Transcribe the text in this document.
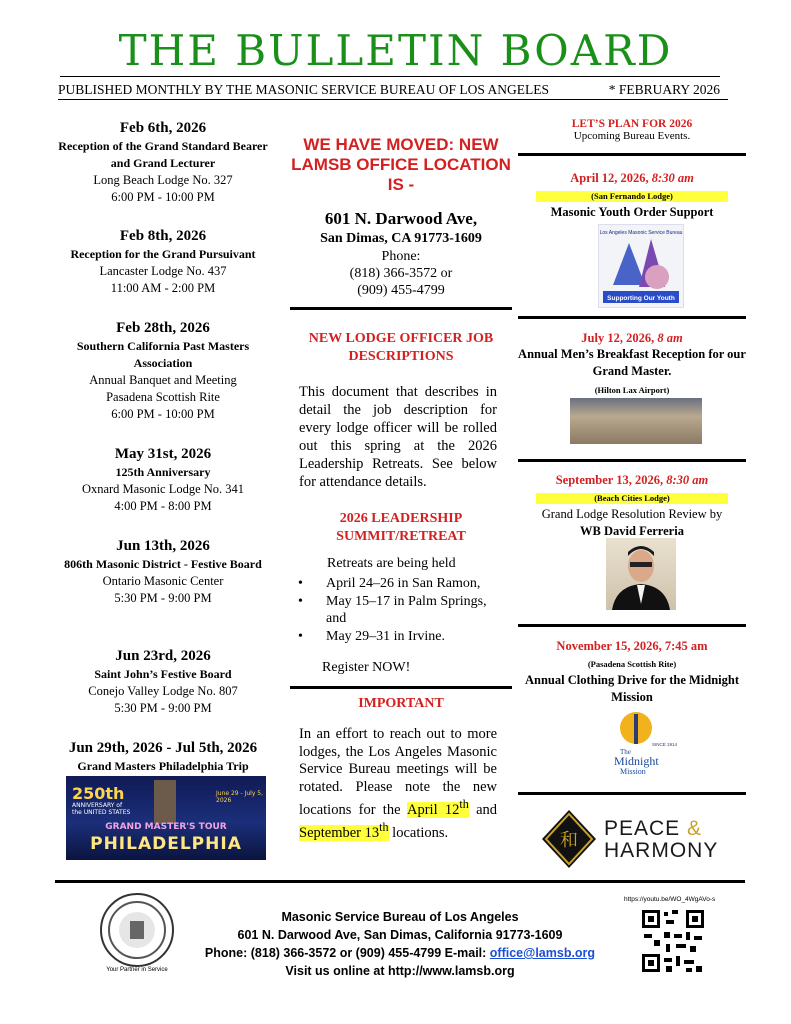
THE BULLETIN BOARD
PUBLISHED MONTHLY BY THE MASONIC SERVICE BUREAU OF LOS ANGELES	* FEBRUARY 2026
Feb 6th, 2026
Reception of the Grand Standard Bearer and Grand Lecturer
Long Beach Lodge No. 327
6:00 PM - 10:00 PM
Feb 8th, 2026
Reception for the Grand Pursuivant
Lancaster Lodge No. 437
11:00 AM - 2:00 PM
Feb 28th, 2026
Southern California Past Masters Association
Annual Banquet and Meeting
Pasadena Scottish Rite
6:00 PM - 10:00 PM
May 31st, 2026
125th Anniversary
Oxnard Masonic Lodge No. 341
4:00 PM - 8:00 PM
Jun 13th, 2026
806th Masonic District - Festive Board
Ontario Masonic Center
5:30 PM - 9:00 PM
Jun 23rd, 2026
Saint John’s Festive Board
Conejo Valley Lodge No. 807
5:30 PM - 9:00 PM
Jun 29th, 2026 - Jul 5th, 2026
Grand Masters Philadelphia Trip
250th
ANNIVERSARY of the UNITED STATES
June 29 - July 5, 2026
GRAND MASTER'S TOUR
PHILADELPHIA
WE HAVE MOVED: NEW LAMSB OFFICE LOCATION IS -
601 N. Darwood Ave,
San Dimas, CA 91773-1609
Phone:
(818) 366-3572 or
(909) 455-4799
NEW LODGE OFFICER JOB DESCRIPTIONS
This document that describes in detail the job description for every lodge officer will be rolled out this spring at the 2026 Leadership Retreats. See below for attendance details.
2026 LEADERSHIP SUMMIT/RETREAT
Retreats are being held
• April 24–26 in San Ramon,
• May 15–17 in Palm Springs, and
• May 29–31 in Irvine.
Register NOW!
IMPORTANT
In an effort to reach out to more lodges, the Los Angeles Masonic Service Bureau meetings will be rotated. Please note the new locations for the April 12th and September 13th locations.
LET’S PLAN FOR 2026
Upcoming Bureau Events.
April 12, 2026, 8:30 am
(San Fernando Lodge)
Masonic Youth Order Support
Los Angeles Masonic Service Bureau
Supporting Our Youth
July 12, 2026, 8 am
Annual Men’s Breakfast Reception for our Grand Master.
(Hilton Lax Airport)
September 13, 2026, 8:30 am
(Beach Cities Lodge)
Grand Lodge Resolution Review by
WB David Ferreria
November 15, 2026, 7:45 am
(Pasadena Scottish Rite)
Annual Clothing Drive for the Midnight Mission
SINCE 1914
The
Midnight
Mission
和
PEACE &
HARMONY
Your Partner in Service
Masonic Service Bureau of Los Angeles
601 N. Darwood Ave, San Dimas, California 91773-1609
Phone: (818) 366-3572 or (909) 455-4799 E-mail: office@lamsb.org
Visit us online at http://www.lamsb.org
https://youtu.be/WO_4WgAVo-s
